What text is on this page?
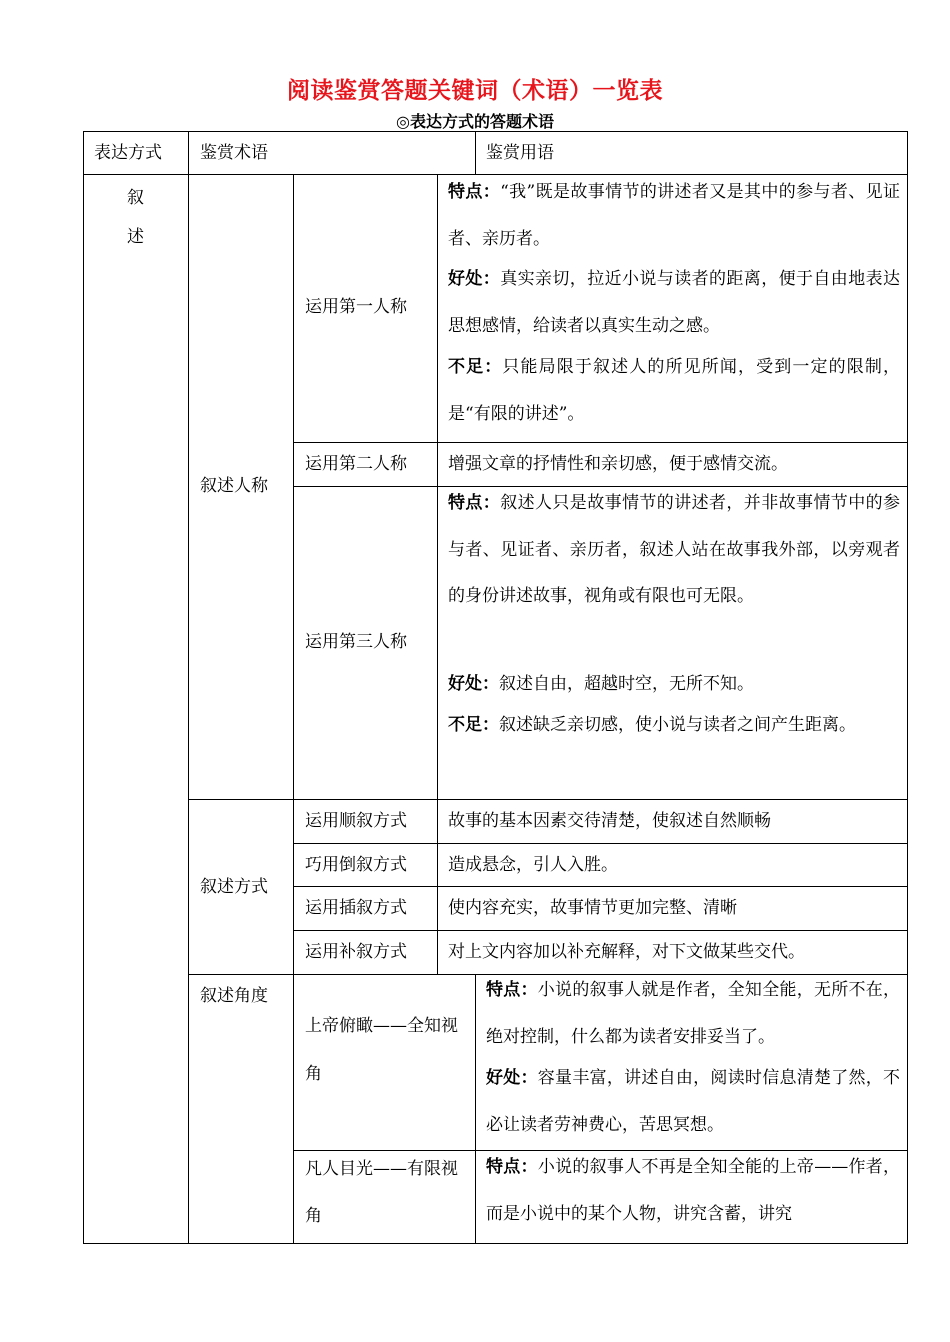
阅读鉴赏答题关键词（术语）一览表
◎表达方式的答题术语
表达方式 鉴赏术语	鉴赏用语
叙
述
叙述人称
运用第一人称
特点：“我”既是故事情节的讲述者又是其中的参与者、见证者、亲历者。
好处：真实亲切，拉近小说与读者的距离，便于自由地表达思想感情，给读者以真实生动之感。
不足：只能局限于叙述人的所见所闻，受到一定的限制，是“有限的讲述”。
运用第二人称 增强文章的抒情性和亲切感，便于感情交流。
运用第三人称
特点：叙述人只是故事情节的讲述者，并非故事情节中的参与者、见证者、亲历者，叙述人站在故事我外部，以旁观者的身份讲述故事，视角或有限也可无限。
好处：叙述自由，超越时空，无所不知。
不足：叙述缺乏亲切感，使小说与读者之间产生距离。
叙述方式
运用顺叙方式 故事的基本因素交待清楚，使叙述自然顺畅
巧用倒叙方式 造成悬念，引人入胜。
运用插叙方式 使内容充实，故事情节更加完整、清晰
运用补叙方式 对上文内容加以补充解释，对下文做某些交代。
叙述角度
上帝俯瞰——全知视角
特点：小说的叙事人就是作者，全知全能，无所不在，绝对控制，什么都为读者安排妥当了。
好处：容量丰富，讲述自由，阅读时信息清楚了然，不必让读者劳神费心，苦思冥想。
凡人目光——有限视角
特点：小说的叙事人不再是全知全能的上帝——作者，而是小说中的某个人物，讲究含蓄，讲究
